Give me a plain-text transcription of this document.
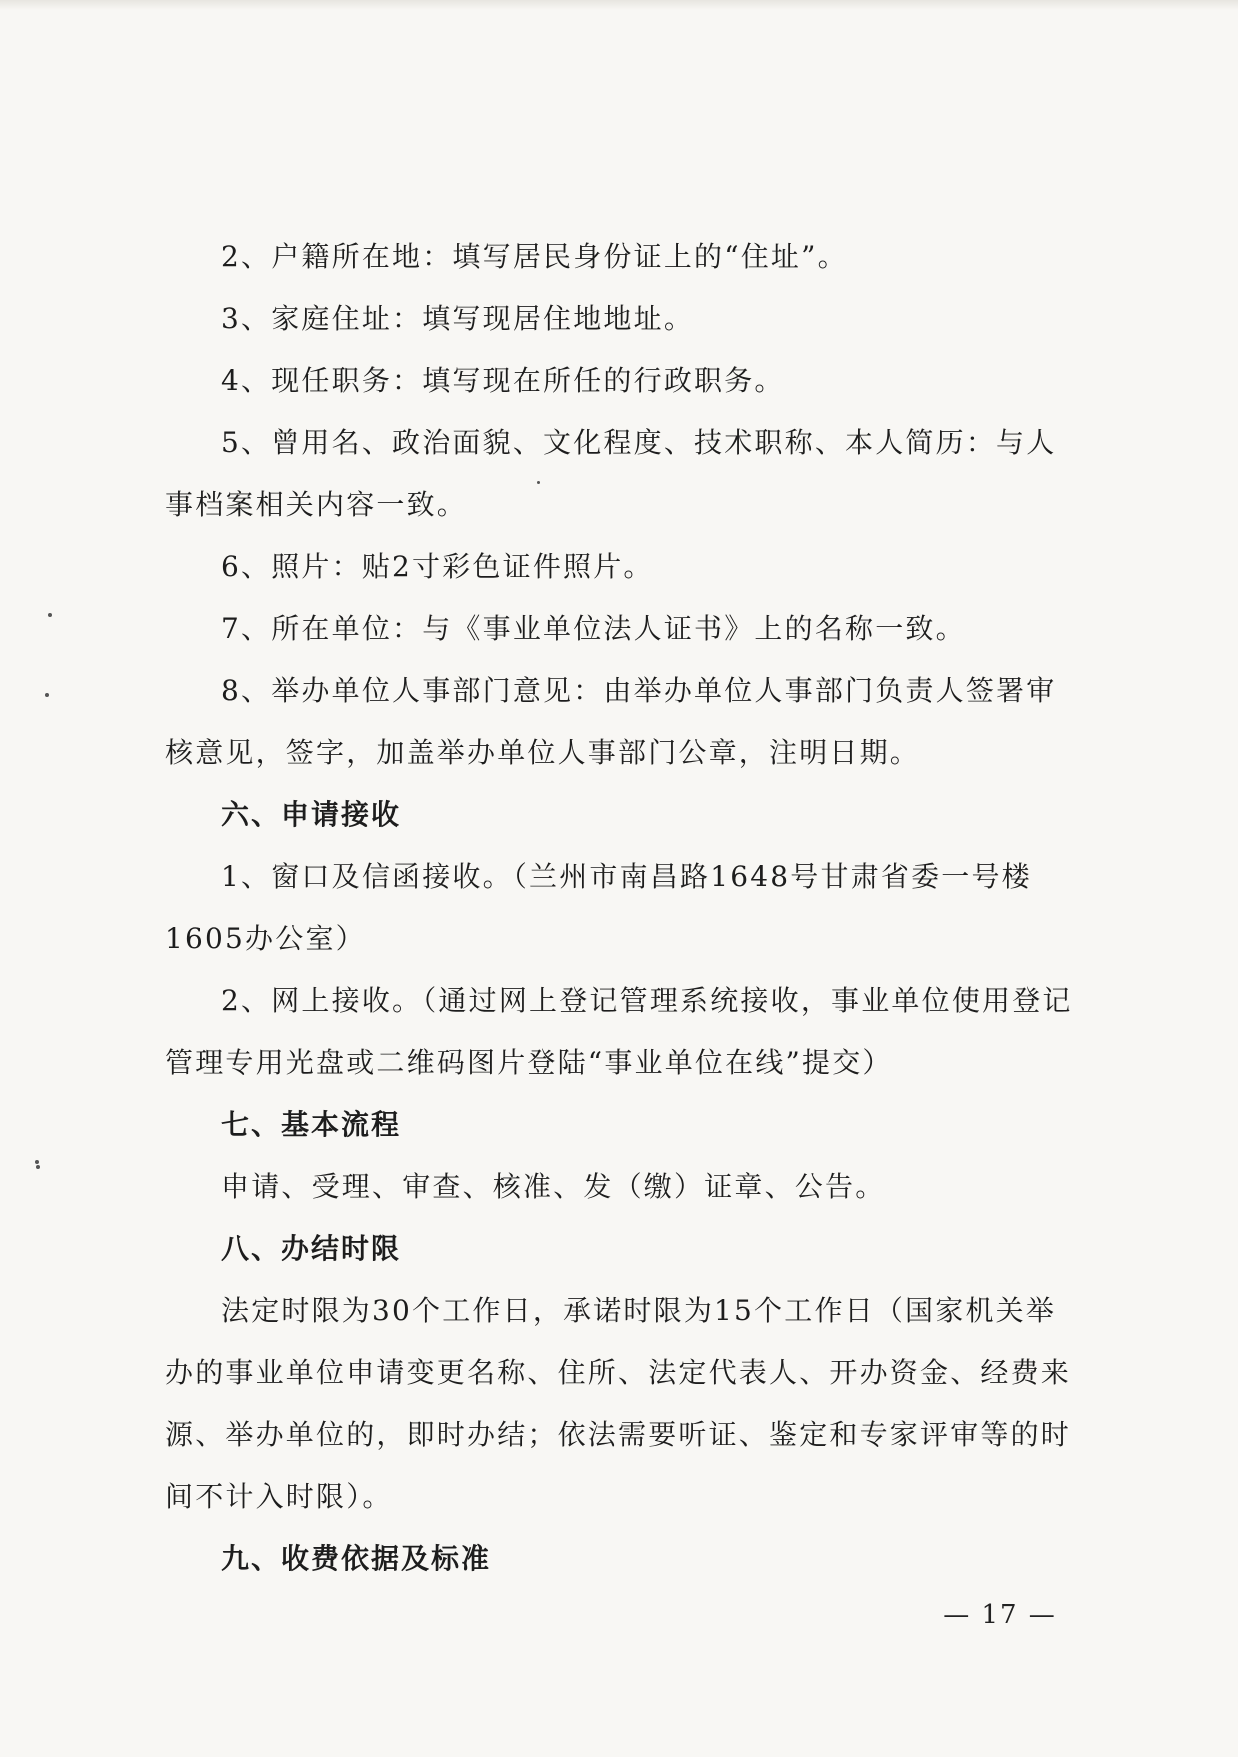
2、户籍所在地：填写居民身份证上的“住址”。

3、家庭住址：填写现居住地地址。

4、现任职务：填写现在所任的行政职务。

5、曾用名、政治面貌、文化程度、技术职称、本人简历：与人事档案相关内容一致。

6、照片：贴2寸彩色证件照片。

7、所在单位：与《事业单位法人证书》上的名称一致。

8、举办单位人事部门意见：由举办单位人事部门负责人签署审核意见，签字，加盖举办单位人事部门公章，注明日期。

六、申请接收

1、窗口及信函接收。（兰州市南昌路1648号甘肃省委一号楼1605办公室）

2、网上接收。（通过网上登记管理系统接收，事业单位使用登记管理专用光盘或二维码图片登陆“事业单位在线”提交）

七、基本流程

申请、受理、审查、核准、发（缴）证章、公告。

八、办结时限

法定时限为30个工作日，承诺时限为15个工作日（国家机关举办的事业单位申请变更名称、住所、法定代表人、开办资金、经费来源、举办单位的，即时办结；依法需要听证、鉴定和专家评审等的时间不计入时限）。

九、收费依据及标准

— 17 —
